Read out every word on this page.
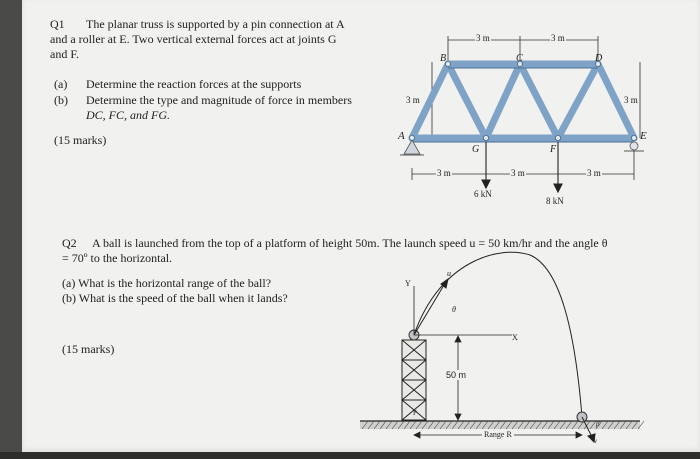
Q1 The planar truss is supported by a pin connection at A
and a roller at E. Two vertical external forces act at joints G
and F.
(a) Determine the reaction forces at the supports
(b) Determine the type and magnitude of force in members
DC, FC, and FG.
(15 marks)
B	C	D
A	E
G	F
3 m	3 m
3 m	3 m
3 m	3 m	3 m
6 kN
8 kN
Q2 A ball is launched from the top of a platform of height 50m. The launch speed u = 50 km/hr and the angle θ
= 70º to the horizontal.
(a) What is the horizontal range of the ball?
(b) What is the speed of the ball when it lands?
(15 marks)
Y
u
θ
X
50 m
Range R
P
β
v
